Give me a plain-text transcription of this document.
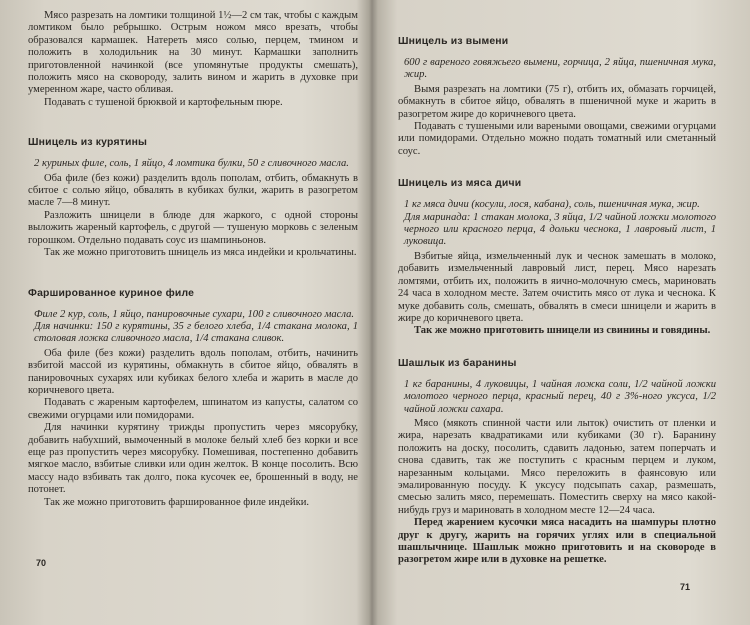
Мясо разрезать на ломтики толщиной 1½—2 см так, чтобы с каждым ломтиком было ребрышко. Острым ножом мясо врезать, чтобы образовался кармашек. Натереть мясо солью, перцем, тмином и положить в холодильник на 30 минут. Кармашки заполнить приготовленной начинкой (все упомянутые продукты смешать), положить мясо на сковороду, залить вином и жарить в духовке при умеренном жаре, часто обливая.

Подавать с тушеной брюквой и картофельным пюре.

Шницель из курятины

2 куриных филе, соль, 1 яйцо, 4 ломтика булки, 50 г сливочного масла.

Оба филе (без кожи) разделить вдоль пополам, отбить, обмакнуть в сбитое с солью яйцо, обвалять в кубиках булки, жарить в разогретом масле 7—8 минут.

Разложить шницели в блюде для жаркого, с одной стороны выложить жареный картофель, с другой — тушеную морковь с зеленым горошком. Отдельно подавать соус из шампиньонов.

Так же можно приготовить шницель из мяса индейки и крольчатины.

Фаршированное куриное филе

Филе 2 кур, соль, 1 яйцо, панировочные сухари, 100 г сливочного масла.

Для начинки: 150 г курятины, 35 г белого хлеба, 1/4 стакана молока, 1 столовая ложка сливочного масла, 1/4 стакана сливок.

Оба филе (без кожи) разделить вдоль пополам, отбить, начинить взбитой массой из курятины, обмакнуть в сбитое яйцо, обвалять в панировочных сухарях или кубиках белого хлеба и жарить в масле до коричневого цвета.

Подавать с жареным картофелем, шпинатом из капусты, салатом со свежими огурцами или помидорами.

Для начинки курятину трижды пропустить через мясорубку, добавить набухший, вымоченный в молоке белый хлеб без корки и все еще раз пропустить через мясорубку. Помешивая, постепенно добавить мягкое масло, взбитые сливки или один желток. В конце посолить. Всю массу надо взбивать так долго, пока кусочек ее, брошенный в воду, не потонет.

Так же можно приготовить фаршированное филе индейки.

70
Шницель из вымени

600 г вареного говяжьего вымени, горчица, 2 яйца, пшеничная мука, жир.

Вымя разрезать на ломтики (75 г), отбить их, обмазать горчицей, обмакнуть в сбитое яйцо, обвалять в пшеничной муке и жарить в разогретом жире до коричневого цвета.

Подавать с тушеными или вареными овощами, свежими огурцами или помидорами. Отдельно можно подать томатный или сметанный соус.

Шницель из мяса дичи

1 кг мяса дичи (косули, лося, кабана), соль, пшеничная мука, жир.

Для маринада: 1 стакан молока, 3 яйца, 1/2 чайной ложки молотого черного или красного перца, 4 дольки чеснока, 1 лавровый лист, 1 луковица.

Взбитые яйца, измельченный лук и чеснок замешать в молоко, добавить измельченный лавровый лист, перец. Мясо нарезать ломтями, отбить их, положить в яично-молочную смесь, мариновать 24 часа в холодном месте. Затем очистить мясо от лука и чеснока. К муке добавить соль, смешать, обвалять в смеси шницели и жарить в жире до коричневого цвета.

Так же можно приготовить шницели из свинины и говядины.

Шашлык из баранины

1 кг баранины, 4 луковицы, 1 чайная ложка соли, 1/2 чайной ложки молотого черного перца, красный перец, 40 г 3%-ного уксуса, 1/2 чайной ложки сахара.

Мясо (мякоть спинной части или лыток) очистить от пленки и жира, нарезать квадратиками или кубиками (30 г). Баранину положить на доску, посолить, сдавить ладонью, затем поперчать и снова сдавить, так же поступить с красным перцем и луком, нарезанным кольцами. Мясо переложить в фаянсовую или эмалированную посуду. К уксусу подсыпать сахар, размешать, смесью залить мясо, перемешать. Поместить сверху на мясо какой-нибудь груз и мариновать в холодном месте 12—24 часа.

Перед жарением кусочки мяса насадить на шампуры плотно друг к другу, жарить на горячих углях или в специальной шашлычнице. Шашлык можно приготовить и на сковороде в разогретом жире или в духовке на решетке.

71
